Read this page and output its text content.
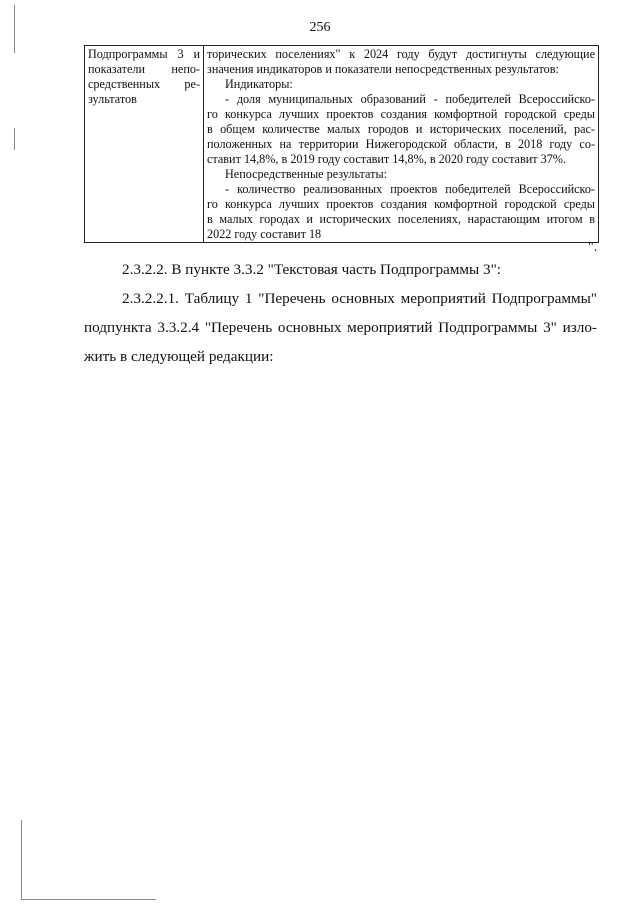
256
Подпрограммы 3 и
показатели непо-
средственных ре-
зультатов

торических поселениях" к 2024 году будут достигнуты следующие
значения индикаторов и показатели непосредственных результатов:
Индикаторы:
- доля муниципальных образований - победителей Всероссийско-
го конкурса лучших проектов создания комфортной городской среды
в общем количестве малых городов и исторических поселений, рас-
положенных на территории Нижегородской области, в 2018 году со-
ставит 14,8%, в 2019 году составит 14,8%, в 2020 году составит 37%.
Непосредственные результаты:
- количество реализованных проектов победителей Всероссийско-
го конкурса лучших проектов создания комфортной городской среды
в малых городах и исторических поселениях, нарастающим итогом в
2022 году составит 18
".
2.3.2.2. В пункте 3.3.2 "Текстовая часть Подпрограммы 3":
2.3.2.2.1. Таблицу 1 "Перечень основных мероприятий Подпрограммы"
подпункта 3.3.2.4 "Перечень основных мероприятий Подпрограммы 3" изло-
жить в следующей редакции:
